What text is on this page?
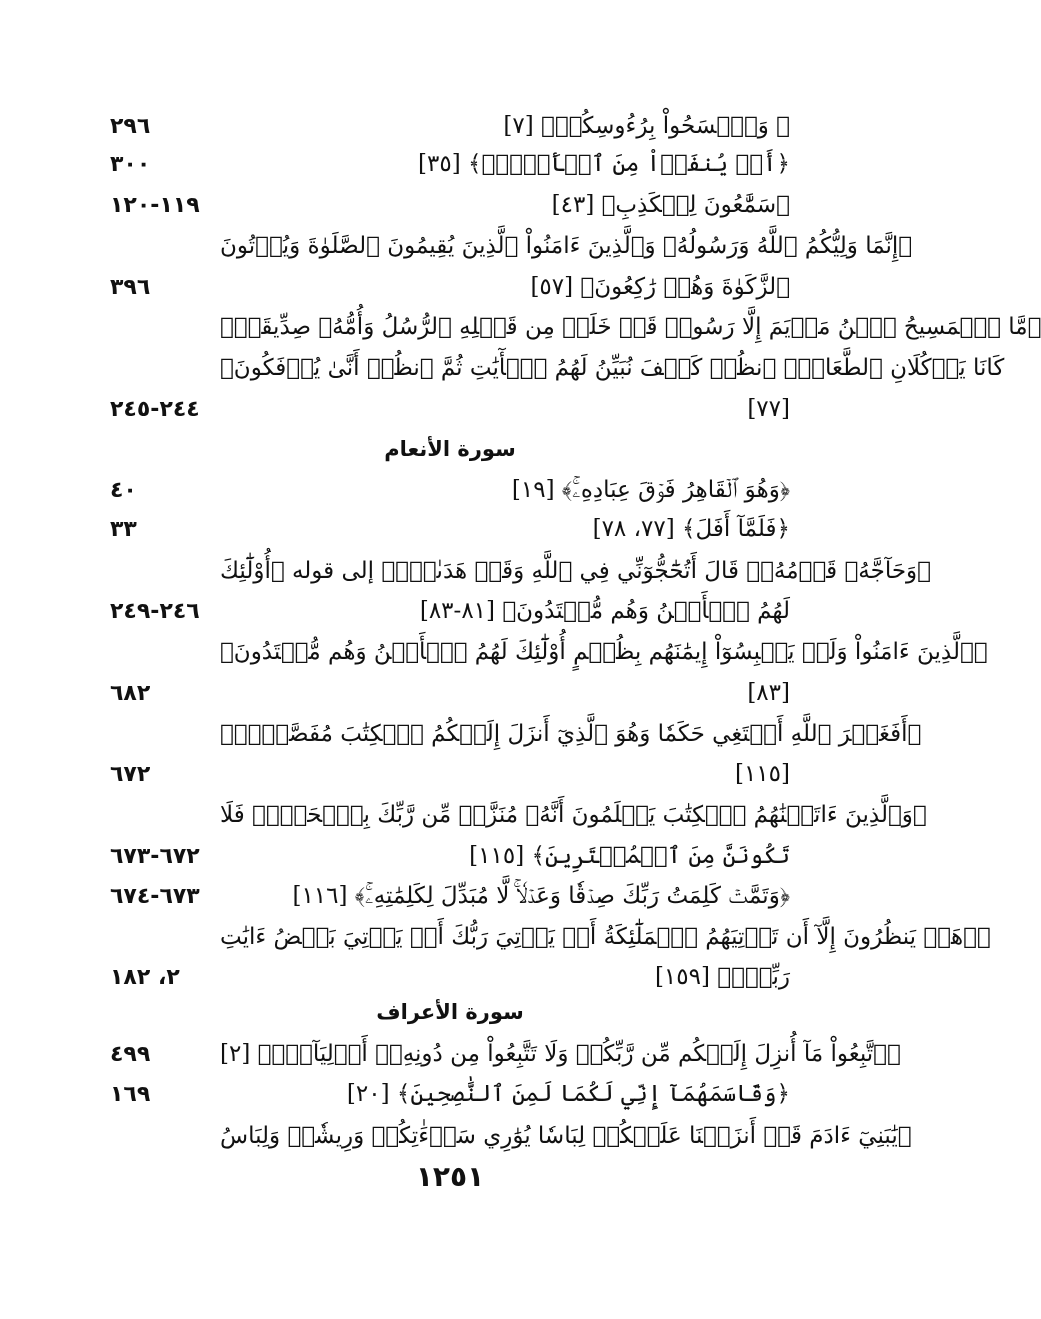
٢٩٦	﴿ وَٱمۡسَحُواْ بِرُءُوسِكُمۡ﴾ [٧]
٣٠٠	﴿أَوۡ يُنفَوۡاْ مِنَ ٱلۡأَرۡضِۚ﴾ [٣٥]
١١٩-١٢٠	﴿سَمَّٰعُونَ لِلۡكَذِبِ﴾ [٤٣]
﴿إِنَّمَا وَلِيُّكُمُ ٱللَّهُ وَرَسُولُهُۥ وَٱلَّذِينَ ءَامَنُواْ ٱلَّذِينَ يُقِيمُونَ ٱلصَّلَوٰةَ وَيُؤۡتُونَ
٣٩٦	ٱلزَّكَوٰةَ وَهُمۡ رَٰكِعُونَ﴾ [٥٧]
﴿مَّا ٱلۡمَسِيحُ ٱبۡنُ مَرۡيَمَ إِلَّا رَسُولٞ قَدۡ خَلَتۡ مِن قَبۡلِهِ ٱلرُّسُلُ وَأُمُّهُۥ صِدِّيقَةٞۖ
كَانَا يَأۡكُلَانِ ٱلطَّعَامَۗ ٱنظُرۡ كَيۡفَ نُبَيِّنُ لَهُمُ ٱلۡأٓيَٰتِ ثُمَّ ٱنظُرۡ أَنَّىٰ يُؤۡفَكُونَ﴾
٢٤٤-٢٤٥	[٧٧]
سورة الأنعام
٤٠	﴿وَهُوَ ٱلۡقَاهِرُ فَوۡقَ عِبَادِهِۦۚ﴾ [١٩]
٣٣	﴿فَلَمَّآ أَفَلَ﴾ [٧٧، ٧٨]
﴿وَحَآجَّهُۥ قَوۡمُهُۥۚ قَالَ أَتُحَٰٓجُّوٓنِّي فِي ٱللَّهِ وَقَدۡ هَدَىٰنِۚ﴾ إلى قوله ﴿أُوْلَٰٓئِكَ
٢٤٦-٢٤٩	لَهُمُ ٱلۡأَمۡنُ وَهُم مُّهۡتَدُونَ﴾ [٨١-٨٣]
﴿ٱلَّذِينَ ءَامَنُواْ وَلَمۡ يَلۡبِسُوٓاْ إِيمَٰنَهُم بِظُلۡمٍ أُوْلَٰٓئِكَ لَهُمُ ٱلۡأَمۡنُ وَهُم مُّهۡتَدُونَ﴾
٦٨٢	[٨٣]
﴿أَفَغَيۡرَ ٱللَّهِ أَبۡتَغِي حَكَمٗا وَهُوَ ٱلَّذِيٓ أَنزَلَ إِلَيۡكُمُ ٱلۡكِتَٰبَ مُفَصَّلٗاۚ﴾
٦٧٢	[١١٥]
﴿وَٱلَّذِينَ ءَاتَيۡنَٰهُمُ ٱلۡكِتَٰبَ يَعۡلَمُونَ أَنَّهُۥ مُنَزَّلٞ مِّن رَّبِّكَ بِٱلۡحَقِّۖ فَلَا
٦٧٢-٦٧٣	تَكُونَنَّ مِنَ ٱلۡمُمۡتَرِينَ﴾ [١١٥]
٦٧٣-٦٧٤	﴿وَتَمَّتۡ كَلِمَتُ رَبِّكَ صِدۡقٗا وَعَدۡلٗاۚ لَّا مُبَدِّلَ لِكَلِمَٰتِهِۦۚ﴾ [١١٦]
﴿۞هَلۡ يَنظُرُونَ إِلَّآ أَن تَأۡتِيَهُمُ ٱلۡمَلَٰٓئِكَةُ أَوۡ يَأۡتِيَ رَبُّكَ أَوۡ يَأۡتِيَ بَعۡضُ ءَايَٰتِ
٢، ١٨٢	رَبِّكَۗ﴾ [١٥٩]
سورة الأعراف
٤٩٩	﴿ٱتَّبِعُواْ مَآ أُنزِلَ إِلَيۡكُم مِّن رَّبِّكُمۡ وَلَا تَتَّبِعُواْ مِن دُونِهِۦٓ أَوۡلِيَآءَۗ﴾ [٢]
١٦٩	﴿وَقَاسَمَهُمَآ إِنِّي لَكُمَا لَمِنَ ٱلنَّٰصِحِينَ﴾ [٢٠]
﴿يَٰبَنِيٓ ءَادَمَ قَدۡ أَنزَلۡنَا عَلَيۡكُمۡ لِبَاسٗا يُوَٰرِي سَوۡءَٰتِكُمۡ وَرِيشٗاۖ وَلِبَاسُ
١٢٥١
